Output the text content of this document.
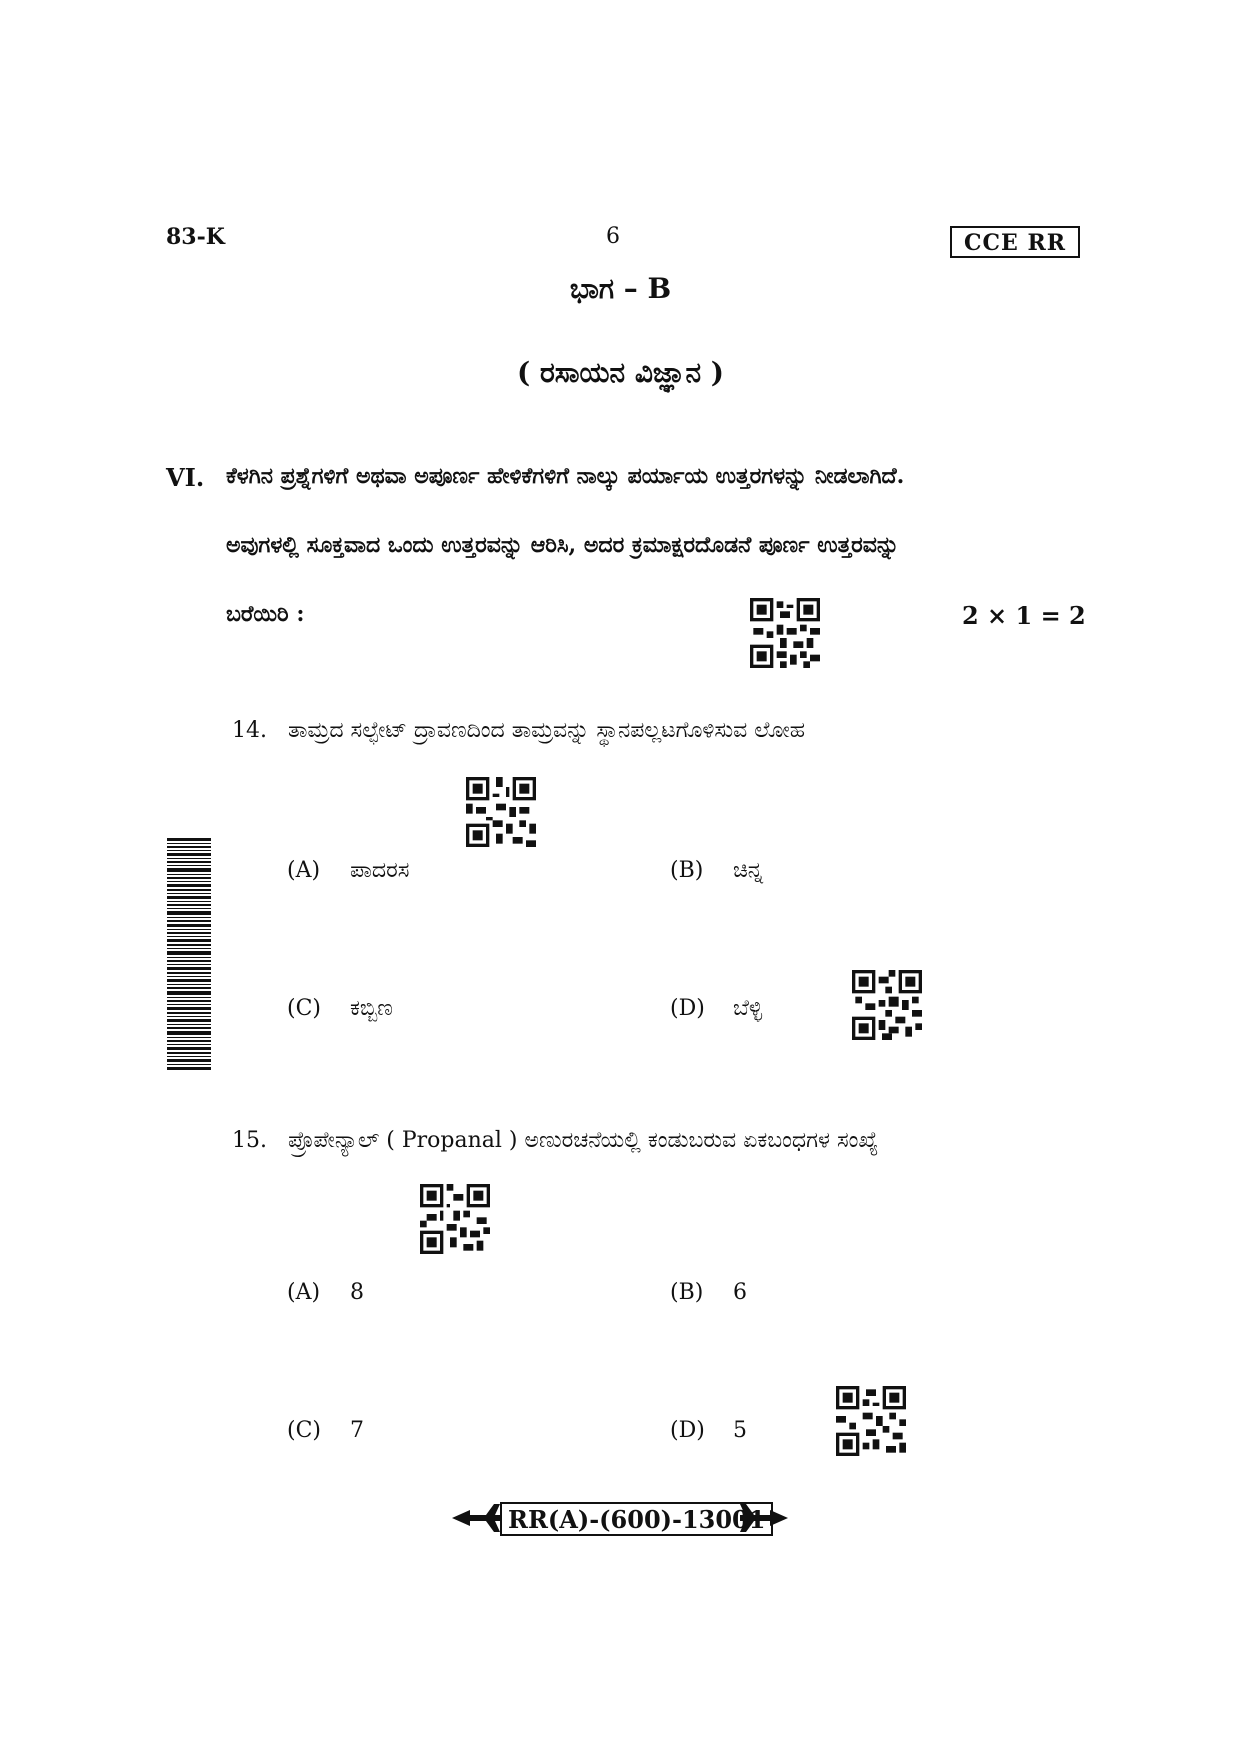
83-K	6	CCE RR
ಭಾಗ – B
( ರಸಾಯನ ವಿಜ್ಞಾನ )
VI. ಕೆಳಗಿನ ಪ್ರಶ್ನೆಗಳಿಗೆ ಅಥವಾ ಅಪೂರ್ಣ ಹೇಳಿಕೆಗಳಿಗೆ ನಾಲ್ಕು ಪರ್ಯಾಯ ಉತ್ತರಗಳನ್ನು ನೀಡಲಾಗಿದೆ.
ಅವುಗಳಲ್ಲಿ ಸೂಕ್ತವಾದ ಒಂದು ಉತ್ತರವನ್ನು ಆರಿಸಿ, ಅದರ ಕ್ರಮಾಕ್ಷರದೊಡನೆ ಪೂರ್ಣ ಉತ್ತರವನ್ನು
ಬರೆಯಿರಿ :	2 × 1 = 2
14. ತಾಮ್ರದ ಸಲ್ಫೇಟ್ ದ್ರಾವಣದಿಂದ ತಾಮ್ರವನ್ನು ಸ್ಥಾನಪಲ್ಲಟಗೊಳಿಸುವ ಲೋಹ
(A) ಪಾದರಸ	(B) ಚಿನ್ನ
(C) ಕಬ್ಬಿಣ	(D) ಬೆಳ್ಳಿ
15. ಪ್ರೊಪೇನ್ಯಾಲ್ ( Propanal ) ಅಣುರಚನೆಯಲ್ಲಿ ಕಂಡುಬರುವ ಏಕಬಂಧಗಳ ಸಂಖ್ಯೆ
(A) 8	(B) 6
(C) 7	(D) 5
RR(A)-(600)-13001
